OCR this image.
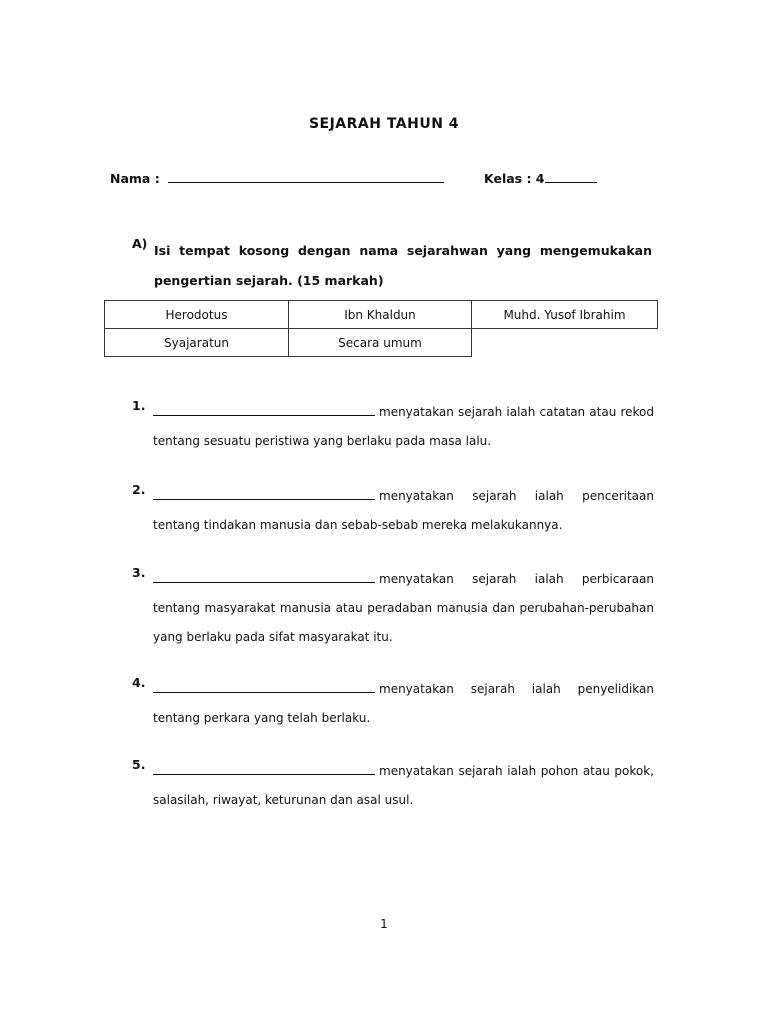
SEJARAH TAHUN 4
Nama :	Kelas : 4
A) Isi tempat kosong dengan nama sejarahwan yang mengemukakan pengertian sejarah. (15 markah)
Herodotus	Ibn Khaldun	Muhd. Yusof Ibrahim
Syajaratun	Secara umum	
1.	menyatakan sejarah ialah catatan atau rekod tentang sesuatu peristiwa yang berlaku pada masa lalu.
2.	menyatakan sejarah ialah penceritaan tentang tindakan manusia dan sebab-sebab mereka melakukannya.
3.	menyatakan sejarah ialah perbicaraan tentang masyarakat manusia atau peradaban manusia dan perubahan-perubahan yang berlaku pada sifat masyarakat itu.
4.	menyatakan sejarah ialah penyelidikan tentang perkara yang telah berlaku.
5.	menyatakan sejarah ialah pohon atau pokok, salasilah, riwayat, keturunan dan asal usul.
1
